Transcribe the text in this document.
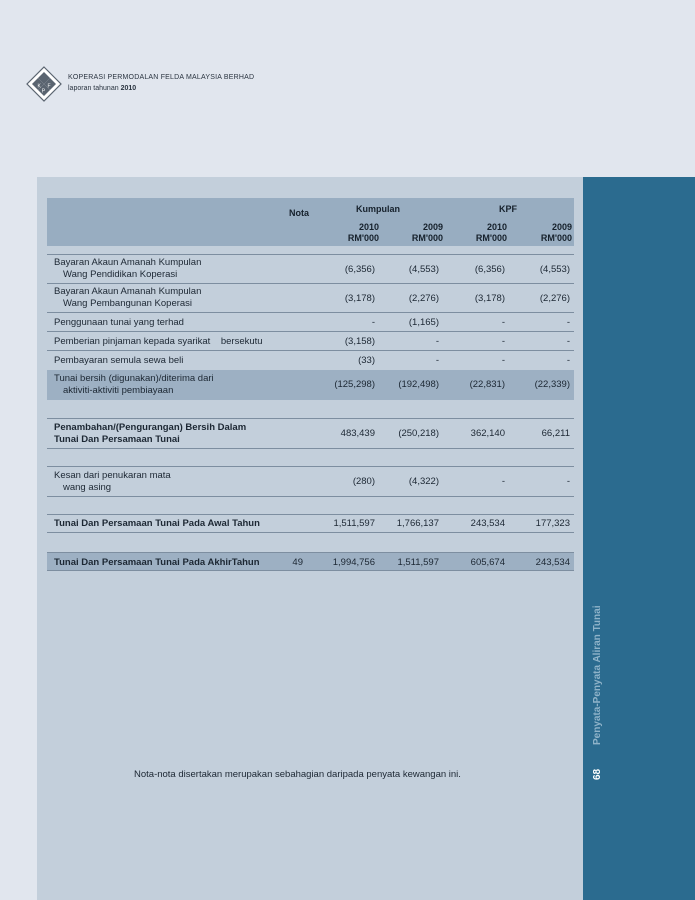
K
P
F
KOPERASI PERMODALAN FELDA MALAYSIA BERHAD
laporan tahunan 2010
Penyata-Penyata Aliran Tunai
68
Nota	Kumpulan	KPF
2010	2009	2010	2009
RM'000	RM'000	RM'000	RM'000
Bayaran Akaun Amanah Kumpulan
Wang Pendidikan Koperasi	(6,356)	(4,553)	(6,356)	(4,553)
Bayaran Akaun Amanah Kumpulan
Wang Pembangunan Koperasi	(3,178)	(2,276)	(3,178)	(2,276)
Penggunaan tunai yang terhad	-	(1,165)	-	-
Pemberian pinjaman kepada syarikat    bersekutu	(3,158)	-	-	-
Pembayaran semula sewa beli	(33)	-	-	-
Tunai bersih (digunakan)/diterima dari
aktiviti-aktiviti pembiayaan
(125,298)	(192,498)	(22,831)	(22,339)
Penambahan/(Pengurangan) Bersih Dalam
Tunai Dan Persamaan Tunai
483,439	(250,218)	362,140	66,211
Kesan dari penukaran mata
wang asing
(280)	(4,322)	-	-
Tunai Dan Persamaan Tunai Pada Awal Tahun	1,511,597	1,766,137	243,534	177,323
Tunai Dan Persamaan Tunai Pada AkhirTahun	49	1,994,756	1,511,597	605,674	243,534
Nota-nota disertakan merupakan sebahagian daripada penyata kewangan ini.
